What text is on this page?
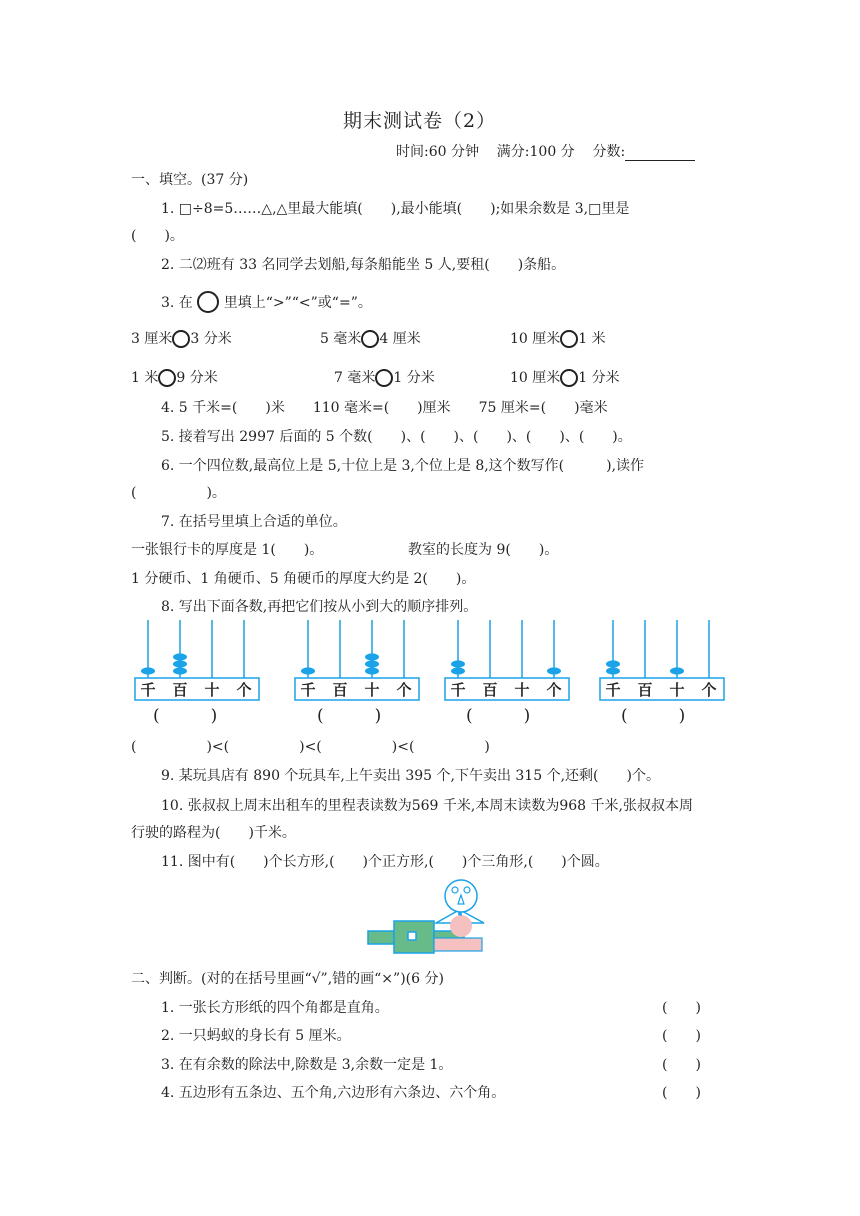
期末测试卷（2）
时间:60 分钟 满分:100 分 分数:
一、填空。(37 分)
1. □÷8=5……△,△里最大能填(　　),最小能填(　　);如果余数是 3,□里是
(　　)。
2. 二⑵班有 33 名同学去划船,每条船能坐 5 人,要租(　　)条船。
3. 在 里填上“>”“<”或“=”。
3 厘米 3 分米	5 毫米 4 厘米	10 厘米 1 米
1 米 9 分米	7 毫米 1 分米	10 厘米 1 分米
4. 5 千米=(　　)米　　110 毫米=(　　)厘米　　75 厘米=(　　)毫米
5. 接着写出 2997 后面的 5 个数(　　)、(　　)、(　　)、(　　)、(　　)。
6. 一个四位数,最高位上是 5,十位上是 3,个位上是 8,这个数写作(　　　),读作
(　　　　　)。
7. 在括号里填上合适的单位。
一张银行卡的厚度是 1(　　)。	教室的长度为 9(　　)。
1 分硬币、1 角硬币、5 角硬币的厚度大约是 2(　　)。
8. 写出下面各数,再把它们按从小到大的顺序排列。
千 百 十 个	千 百 十 个	千 百 十 个	千 百 十 个
(　　　)	(　　　)	(　　　)	(　　　)
(　　　　　)<(　　　　　)<(　　　　　)<(　　　　　)
9. 某玩具店有 890 个玩具车,上午卖出 395 个,下午卖出 315 个,还剩(　　)个。
10. 张叔叔上周末出租车的里程表读数为569 千米,本周末读数为968 千米,张叔叔本周
行驶的路程为(　　)千米。
11. 图中有(　　)个长方形,(　　)个正方形,(　　)个三角形,(　　)个圆。
二、判断。(对的在括号里画“√”,错的画“×”)(6 分)
1. 一张长方形纸的四个角都是直角。	(　　)
2. 一只蚂蚁的身长有 5 厘米。	(　　)
3. 在有余数的除法中,除数是 3,余数一定是 1。	(　　)
4. 五边形有五条边、五个角,六边形有六条边、六个角。	(　　)
